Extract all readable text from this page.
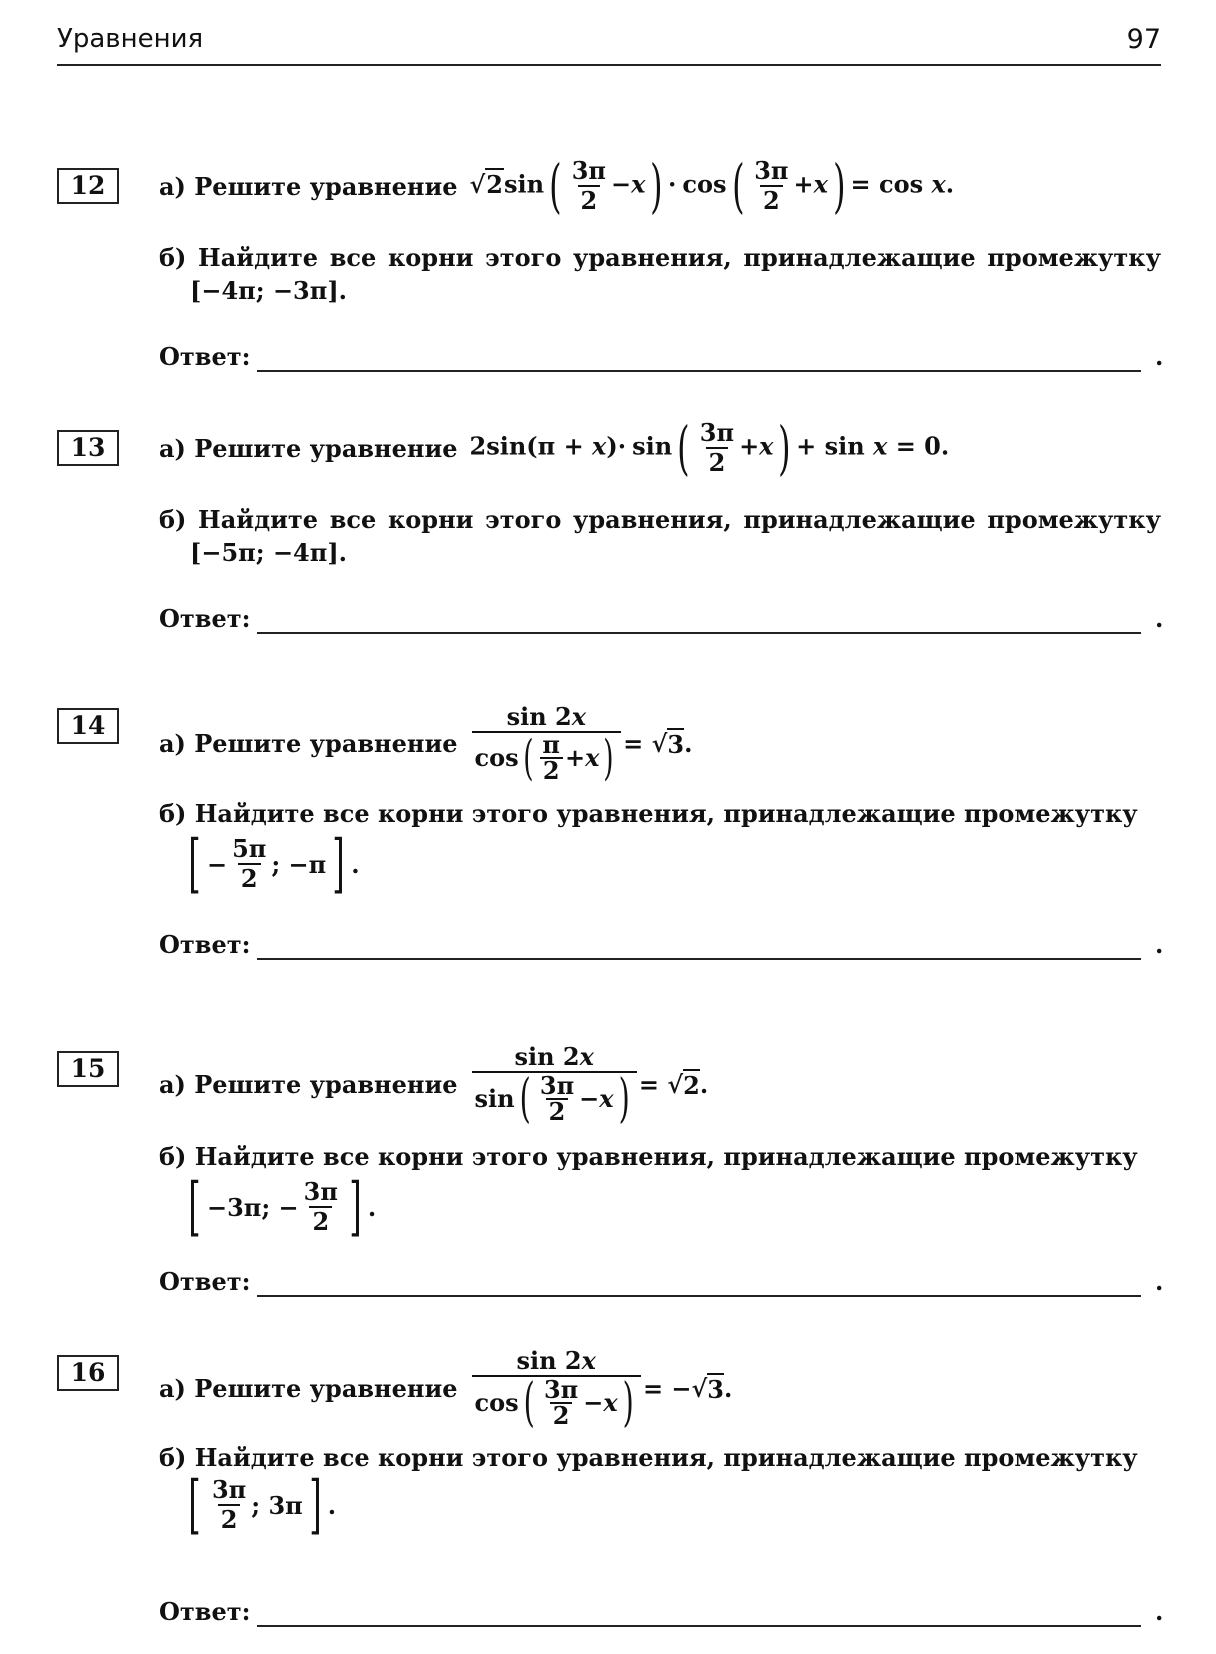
Уравнения	97
12	а) Решите уравнение $√2\sin( \frac{3\pi}{2} -x) \cdot \cos( \frac{3\pi}{2} +x) = \cos x$.
б) Найдите все корни этого уравнения, принадлежащие промежутку
[−4π; −3π].
Ответ:	.
13	а) Решите уравнение $2\sin(\pi + x)\cdot \sin( \frac{3\pi}{2} +x) + \sin x = 0$.
б) Найдите все корни этого уравнения, принадлежащие промежутку
[−5π; −4π].
Ответ:	.
14
а) Решите уравнение $\frac{\sin 2x}{\cos ( \frac{\pi}{2} + x )}$ = √ 3 .
б) Найдите все корни этого уравнения, принадлежащие промежутку
[ − $\frac{5\pi}{2}$ ; −π ] .
Ответ:	.
15
а) Решите уравнение $\frac{\sin 2x}{\sin ( \frac{3\pi}{2} - x )}$ = √ 2 .
б) Найдите все корни этого уравнения, принадлежащие промежутку
[ −3π; − $\frac{3\pi}{2}$ ] .
Ответ:	.
16
а) Решите уравнение $\frac{\sin 2x}{\cos ( \frac{3\pi}{2} - x )}$ = −√ 3 .
б) Найдите все корни этого уравнения, принадлежащие промежутку
[ $\frac{3\pi}{2}$ ; 3π ] .
Ответ:	.
